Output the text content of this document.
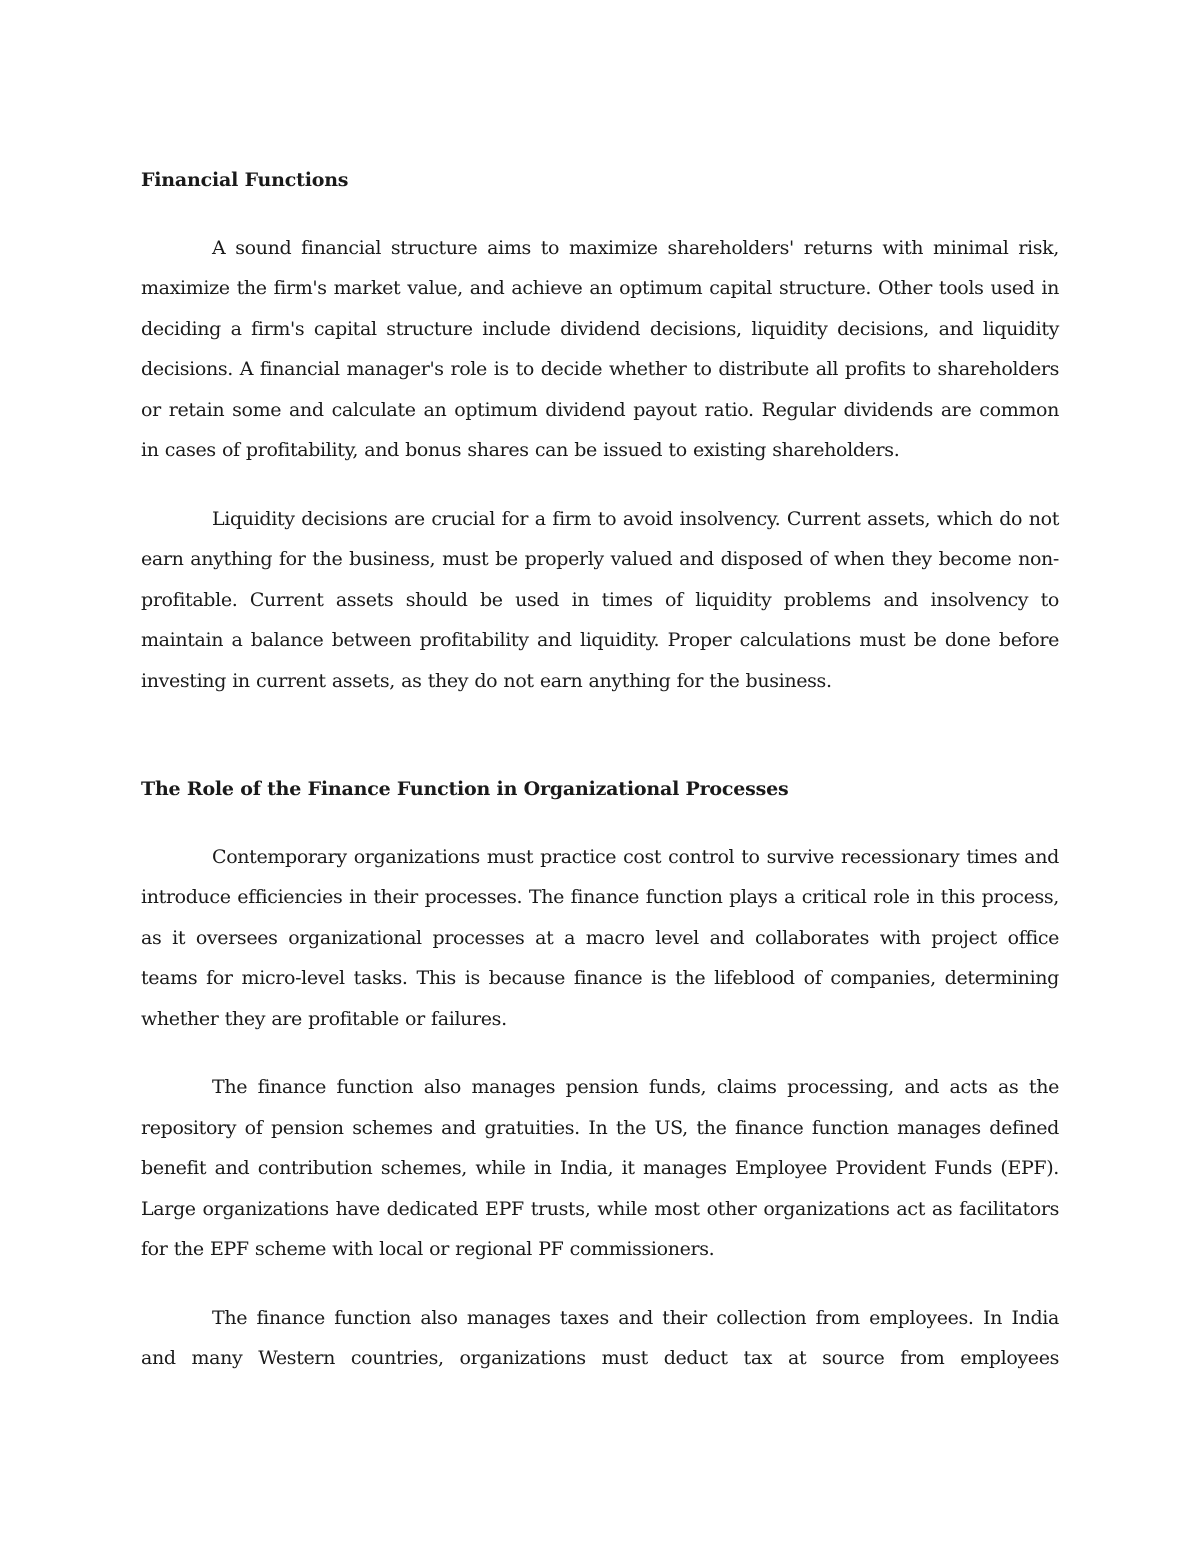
Financial Functions

A sound financial structure aims to maximize shareholders' returns with minimal risk, maximize the firm's market value, and achieve an optimum capital structure. Other tools used in deciding a firm's capital structure include dividend decisions, liquidity decisions, and liquidity decisions. A financial manager's role is to decide whether to distribute all profits to shareholders or retain some and calculate an optimum dividend payout ratio. Regular dividends are common in cases of profitability, and bonus shares can be issued to existing shareholders.

Liquidity decisions are crucial for a firm to avoid insolvency. Current assets, which do not earn anything for the business, must be properly valued and disposed of when they become non-profitable. Current assets should be used in times of liquidity problems and insolvency to maintain a balance between profitability and liquidity. Proper calculations must be done before investing in current assets, as they do not earn anything for the business.

The Role of the Finance Function in Organizational Processes

Contemporary organizations must practice cost control to survive recessionary times and introduce efficiencies in their processes. The finance function plays a critical role in this process, as it oversees organizational processes at a macro level and collaborates with project office teams for micro-level tasks. This is because finance is the lifeblood of companies, determining whether they are profitable or failures.

The finance function also manages pension funds, claims processing, and acts as the repository of pension schemes and gratuities. In the US, the finance function manages defined benefit and contribution schemes, while in India, it manages Employee Provident Funds (EPF). Large organizations have dedicated EPF trusts, while most other organizations act as facilitators for the EPF scheme with local or regional PF commissioners.

The finance function also manages taxes and their collection from employees. In India and many Western countries, organizations must deduct tax at source from employees
